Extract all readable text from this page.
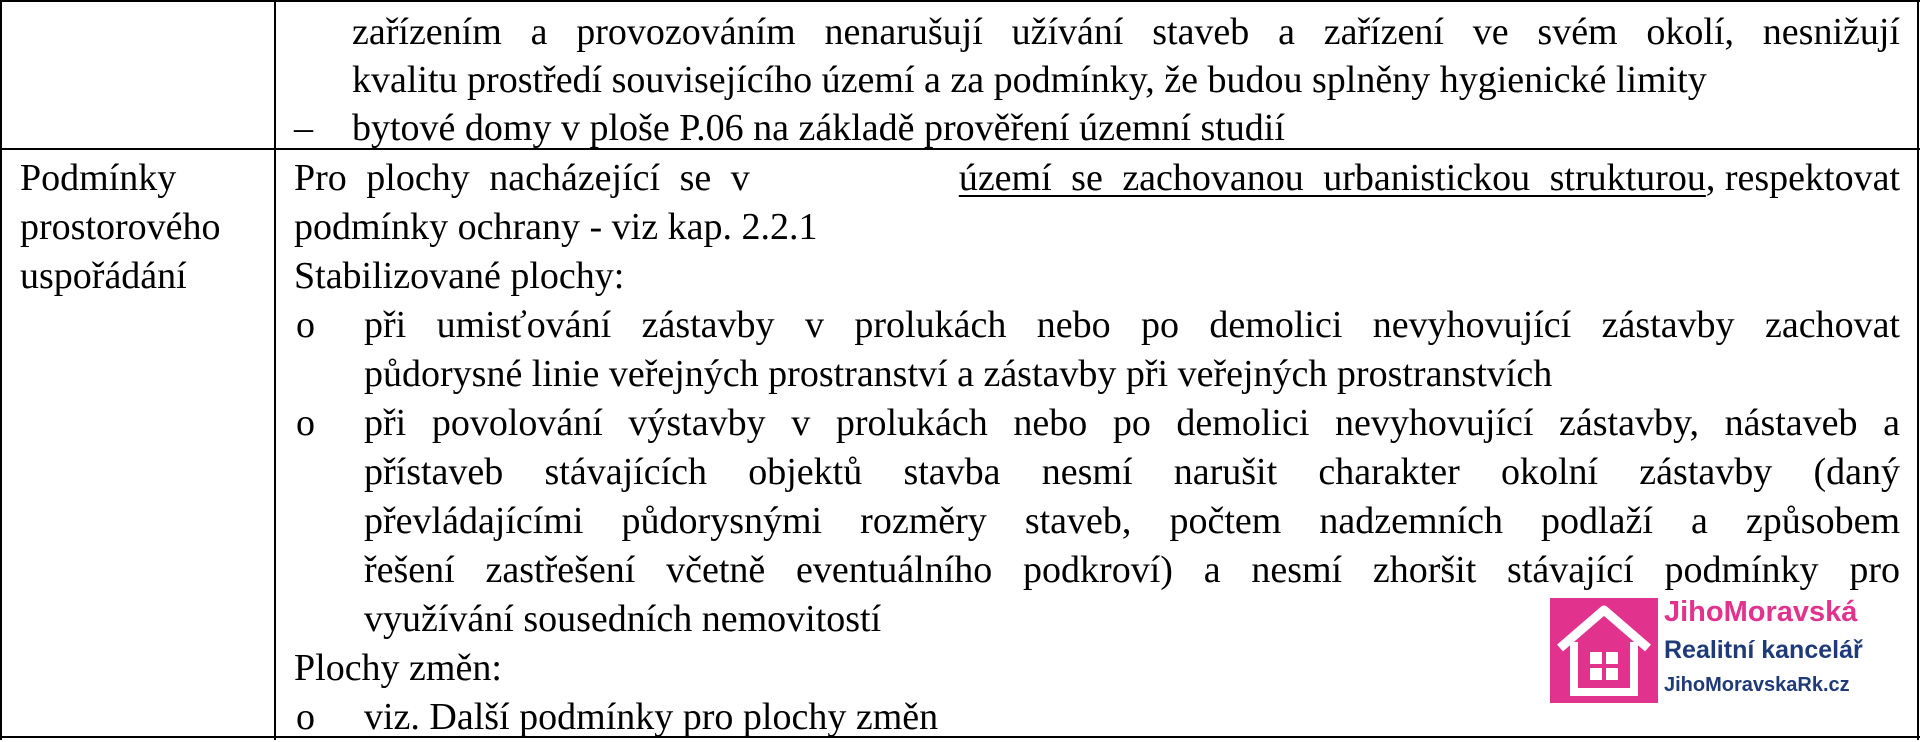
zařízením a provozováním nenarušují užívání staveb a zařízení ve svém okolí, nesnižují

kvalitu prostředí souvisejícího území a za podmínky, že budou splněny hygienické limity

– bytové domy v ploše P.06 na základě prověření územní studií

Podmínky

prostorového

uspořádání

Pro plochy nacházející se v	území se zachovanou urbanistickou strukturou , respektovat

podmínky ochrany - viz kap. 2.2.1

Stabilizované plochy:

o při umisťování zástavby v prolukách nebo po demolici nevyhovující zástavby zachovat

půdorysné linie veřejných prostranství a zástavby při veřejných prostranstvích

o při povolování výstavby v prolukách nebo po demolici nevyhovující zástavby, nástaveb a

přístaveb stávajících objektů stavba nesmí narušit charakter okolní zástavby (daný

převládajícími půdorysnými rozměry staveb, počtem nadzemních podlaží a způsobem

řešení zastřešení včetně eventuálního podkroví) a nesmí zhoršit stávající podmínky pro

využívání sousedních nemovitostí

Plochy změn:

o viz. Další podmínky pro plochy změn

JihoMoravská
Realitní kancelář
JihoMoravskaRk.cz
